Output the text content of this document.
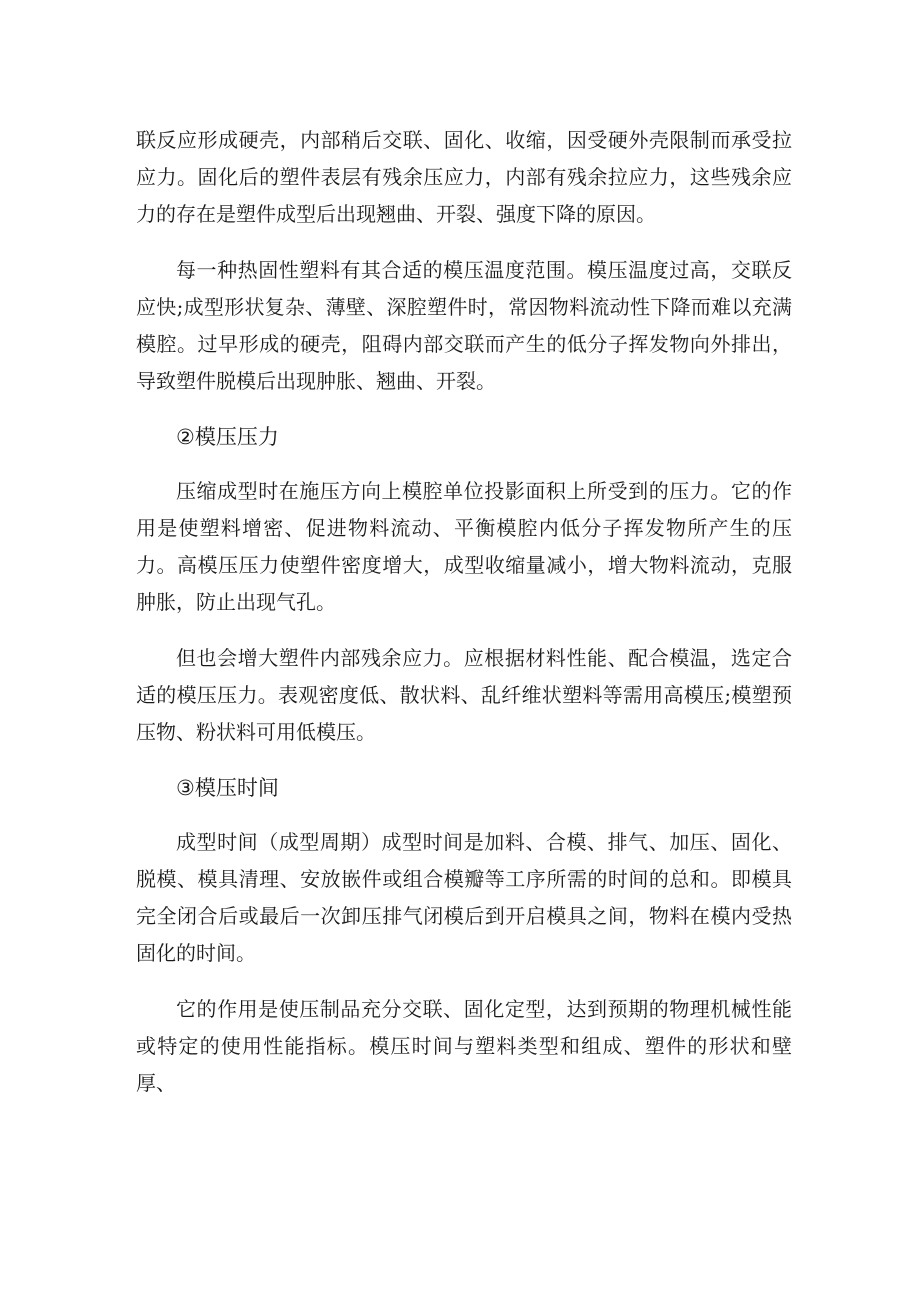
联反应形成硬壳，内部稍后交联、固化、收缩，因受硬外壳限制而承受拉应力。固化后的塑件表层有残余压应力，内部有残余拉应力，这些残余应力的存在是塑件成型后出现翘曲、开裂、强度下降的原因。

每一种热固性塑料有其合适的模压温度范围。模压温度过高，交联反应快;成型形状复杂、薄壁、深腔塑件时，常因物料流动性下降而难以充满模腔。过早形成的硬壳，阻碍内部交联而产生的低分子挥发物向外排出，导致塑件脱模后出现肿胀、翘曲、开裂。

②模压压力

压缩成型时在施压方向上模腔单位投影面积上所受到的压力。它的作用是使塑料增密、促进物料流动、平衡模腔内低分子挥发物所产生的压力。高模压压力使塑件密度增大，成型收缩量减小，增大物料流动，克服肿胀，防止出现气孔。

但也会增大塑件内部残余应力。应根据材料性能、配合模温，选定合适的模压压力。表观密度低、散状料、乱纤维状塑料等需用高模压;模塑预压物、粉状料可用低模压。

③模压时间

成型时间（成型周期）成型时间是加料、合模、排气、加压、固化、脱模、模具清理、安放嵌件或组合模瓣等工序所需的时间的总和。即模具完全闭合后或最后一次卸压排气闭模后到开启模具之间，物料在模内受热固化的时间。

它的作用是使压制品充分交联、固化定型，达到预期的物理机械性能或特定的使用性能指标。模压时间与塑料类型和组成、塑件的形状和壁厚、
